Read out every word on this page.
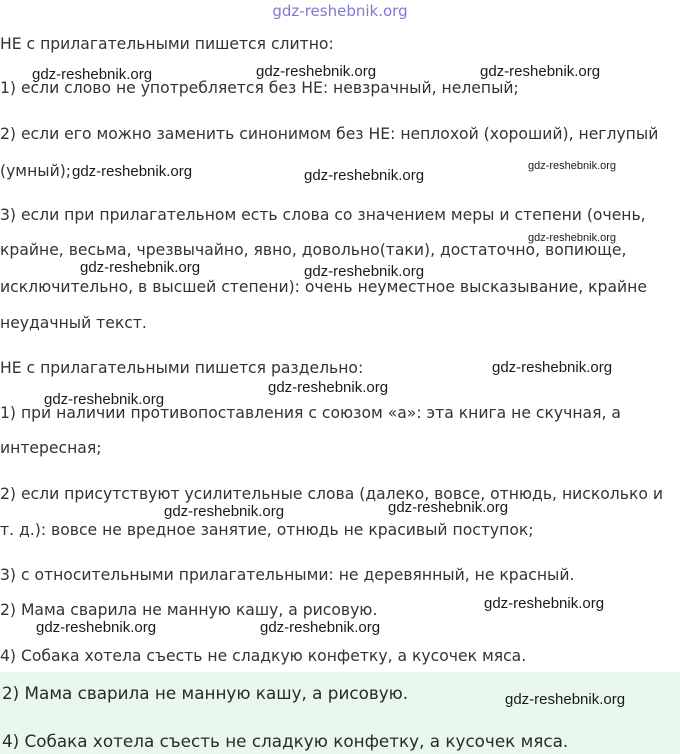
gdz-reshebnik.org
НЕ с прилагательными пишется слитно:
1) если слово не употребляется без НЕ: невзрачный, нелепый;
2) если его можно заменить синонимом без НЕ: неплохой (хороший), неглупый
(умный);
3) если при прилагательном есть слова со значением меры и степени (очень,
крайне, весьма, чрезвычайно, явно, довольно(таки), достаточно, вопиюще,
исключительно, в высшей степени): очень неуместное высказывание, крайне
неудачный текст.
НЕ с прилагательными пишется раздельно:
1) при наличии противопоставления с союзом «а»: эта книга не скучная, а
интересная;
2) если присутствуют усилительные слова (далеко, вовсе, отнюдь, нисколько и
т. д.): вовсе не вредное занятие, отнюдь не красивый поступок;
3) с относительными прилагательными: не деревянный, не красный.
2) Мама сварила не манную кашу, а рисовую.
4) Собака хотела съесть не сладкую конфетку, а кусочек мяса.
2) Мама сварила не манную кашу, а рисовую.
4) Собака хотела съесть не сладкую конфетку, а кусочек мяса.
gdz-reshebnik.org	gdz-reshebnik.org	gdz-reshebnik.org
gdz-reshebnik.org	gdz-reshebnik.org
gdz-reshebnik.org
gdz-reshebnik.org
gdz-reshebnik.org	gdz-reshebnik.org
gdz-reshebnik.org
gdz-reshebnik.org
gdz-reshebnik.org
gdz-reshebnik.org
gdz-reshebnik.org
gdz-reshebnik.org
gdz-reshebnik.org	gdz-reshebnik.org
gdz-reshebnik.org
